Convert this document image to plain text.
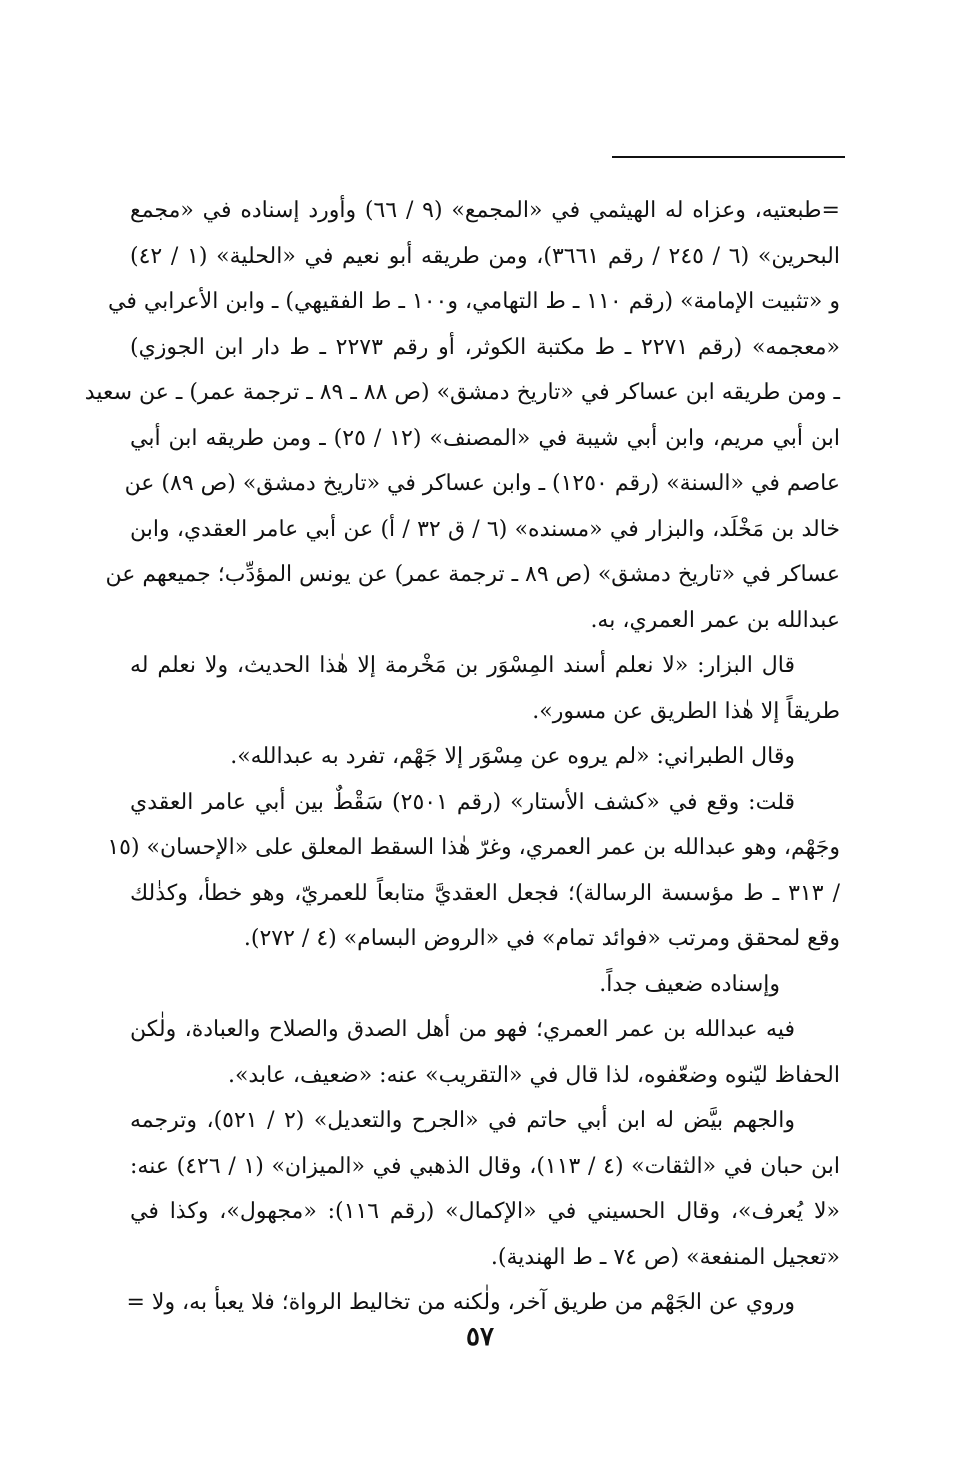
=طبعتيه، وعزاه له الهيثمي في «المجمع» (٩ / ٦٦) وأورد إسناده في «مجمع
البحرين» (٦ / ٢٤٥ / رقم ٣٦٦١)، ومن طريقه أبو نعيم في «الحلية» (١ / ٤٢)
و «تثبيت الإمامة» (رقم ١١٠ ـ ط التهامي، و١٠٠ ـ ط الفقيهي) ـ وابن الأعرابي في
«معجمه» (رقم ٢٢٧١ ـ ط مكتبة الكوثر، أو رقم ٢٢٧٣ ـ ط دار ابن الجوزي)
ـ ومن طريقه ابن عساكر في «تاريخ دمشق» (ص ٨٨ ـ ٨٩ ـ ترجمة عمر) ـ عن سعيد
ابن أبي مريم، وابن أبي شيبة في «المصنف» (١٢ / ٢٥) ـ ومن طريقه ابن أبي
عاصم في «السنة» (رقم ١٢٥٠) ـ وابن عساكر في «تاريخ دمشق» (ص ٨٩) عن
خالد بن مَخْلَد، والبزار في «مسنده» (٦ / ق ٣٢ / أ) عن أبي عامر العقدي، وابن
عساكر في «تاريخ دمشق» (ص ٨٩ ـ ترجمة عمر) عن يونس المؤدِّب؛ جميعهم عن
عبدالله بن عمر العمري، به.
قال البزار: «لا نعلم أسند المِسْوَر بن مَخْرمة إلا هٰذا الحديث، ولا نعلم له
طريقاً إلا هٰذا الطريق عن مسور».
وقال الطبراني: «لم يروه عن مِسْوَر إلا جَهْم، تفرد به عبدالله».
قلت: وقع في «كشف الأستار» (رقم ٢٥٠١) سَقْطٌ بين أبي عامر العقدي
وجَهْم، وهو عبدالله بن عمر العمري، وغرّ هٰذا السقط المعلق على «الإحسان» (١٥
/ ٣١٣ ـ ط مؤسسة الرسالة)؛ فجعل العقديَّ متابعاً للعمريّ، وهو خطأ، وكذٰلك
وقع لمحقق ومرتب «فوائد تمام» في «الروض البسام» (٤ / ٢٧٢).
وإسناده ضعيف جداً.
فيه عبدالله بن عمر العمري؛ فهو من أهل الصدق والصلاح والعبادة، ولٰكن
الحفاظ ليّنوه وضعّفوه، لذا قال في «التقريب» عنه: «ضعيف، عابد».
والجهم بيَّض له ابن أبي حاتم في «الجرح والتعديل» (٢ / ٥٢١)، وترجمه
ابن حبان في «الثقات» (٤ / ١١٣)، وقال الذهبي في «الميزان» (١ / ٤٢٦) عنه:
«لا يُعرف»، وقال الحسيني في «الإكمال» (رقم ١١٦): «مجهول»، وكذا في
«تعجيل المنفعة» (ص ٧٤ ـ ط الهندية).
وروي عن الجَهْم من طريق آخر، ولٰكنه من تخاليط الرواة؛ فلا يعبأ به، ولا =
٥٧
